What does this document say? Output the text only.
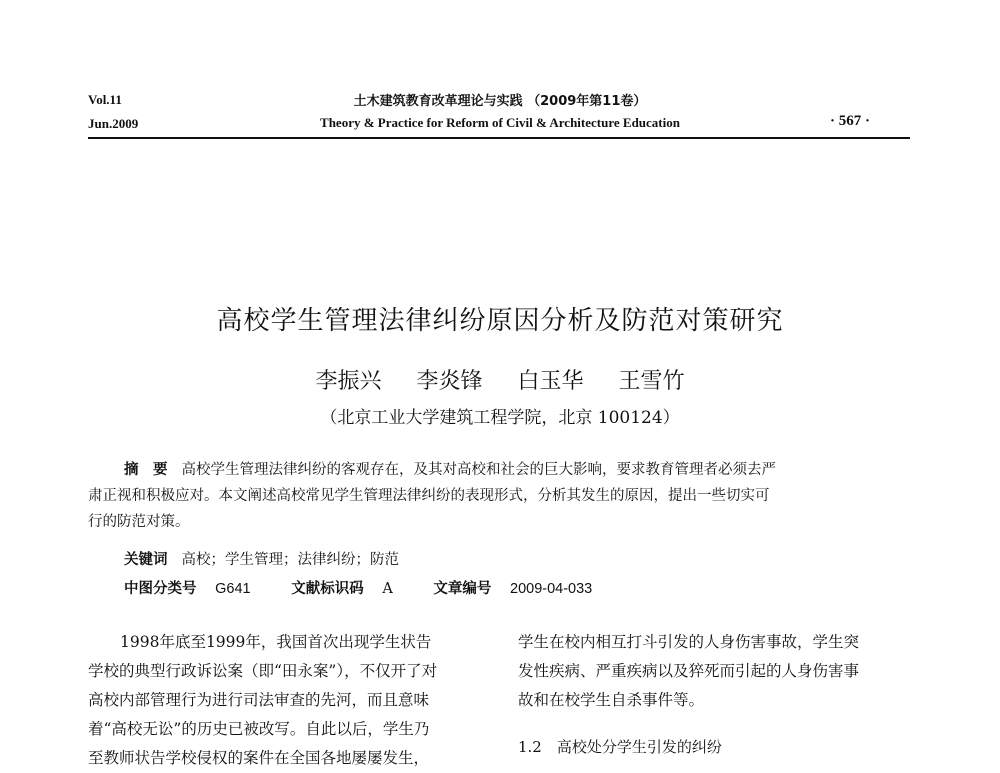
Vol.11
Jun.2009
土木建筑教育改革理论与实践 （2009年第11卷）
Theory & Practice for Reform of Civil & Architecture Education	· 567 ·
高校学生管理法律纠纷原因分析及防范对策研究
李振兴 李炎锋 白玉华 王雪竹
（北京工业大学建筑工程学院，北京 100124）
摘　要 高校学生管理法律纠纷的客观存在，及其对高校和社会的巨大影响，要求教育管理者必须去严
肃正视和积极应对。本文阐述高校常见学生管理法律纠纷的表现形式，分析其发生的原因，提出一些切实可
行的防范对策。
关键词 高校；学生管理；法律纠纷；防范
中图分类号 G641	文献标识码 A	文章编号 2009-04-033
1998年底至1999年，我国首次出现学生状告
学校的典型行政诉讼案（即“田永案”），不仅开了对
高校内部管理行为进行司法审查的先河，而且意味
着“高校无讼”的历史已被改写。自此以后，学生乃
至教师状告学校侵权的案件在全国各地屡屡发生，
学生在校内相互打斗引发的人身伤害事故，学生突
发性疾病、严重疾病以及猝死而引起的人身伤害事
故和在校学生自杀事件等。
1.2　高校处分学生引发的纠纷
